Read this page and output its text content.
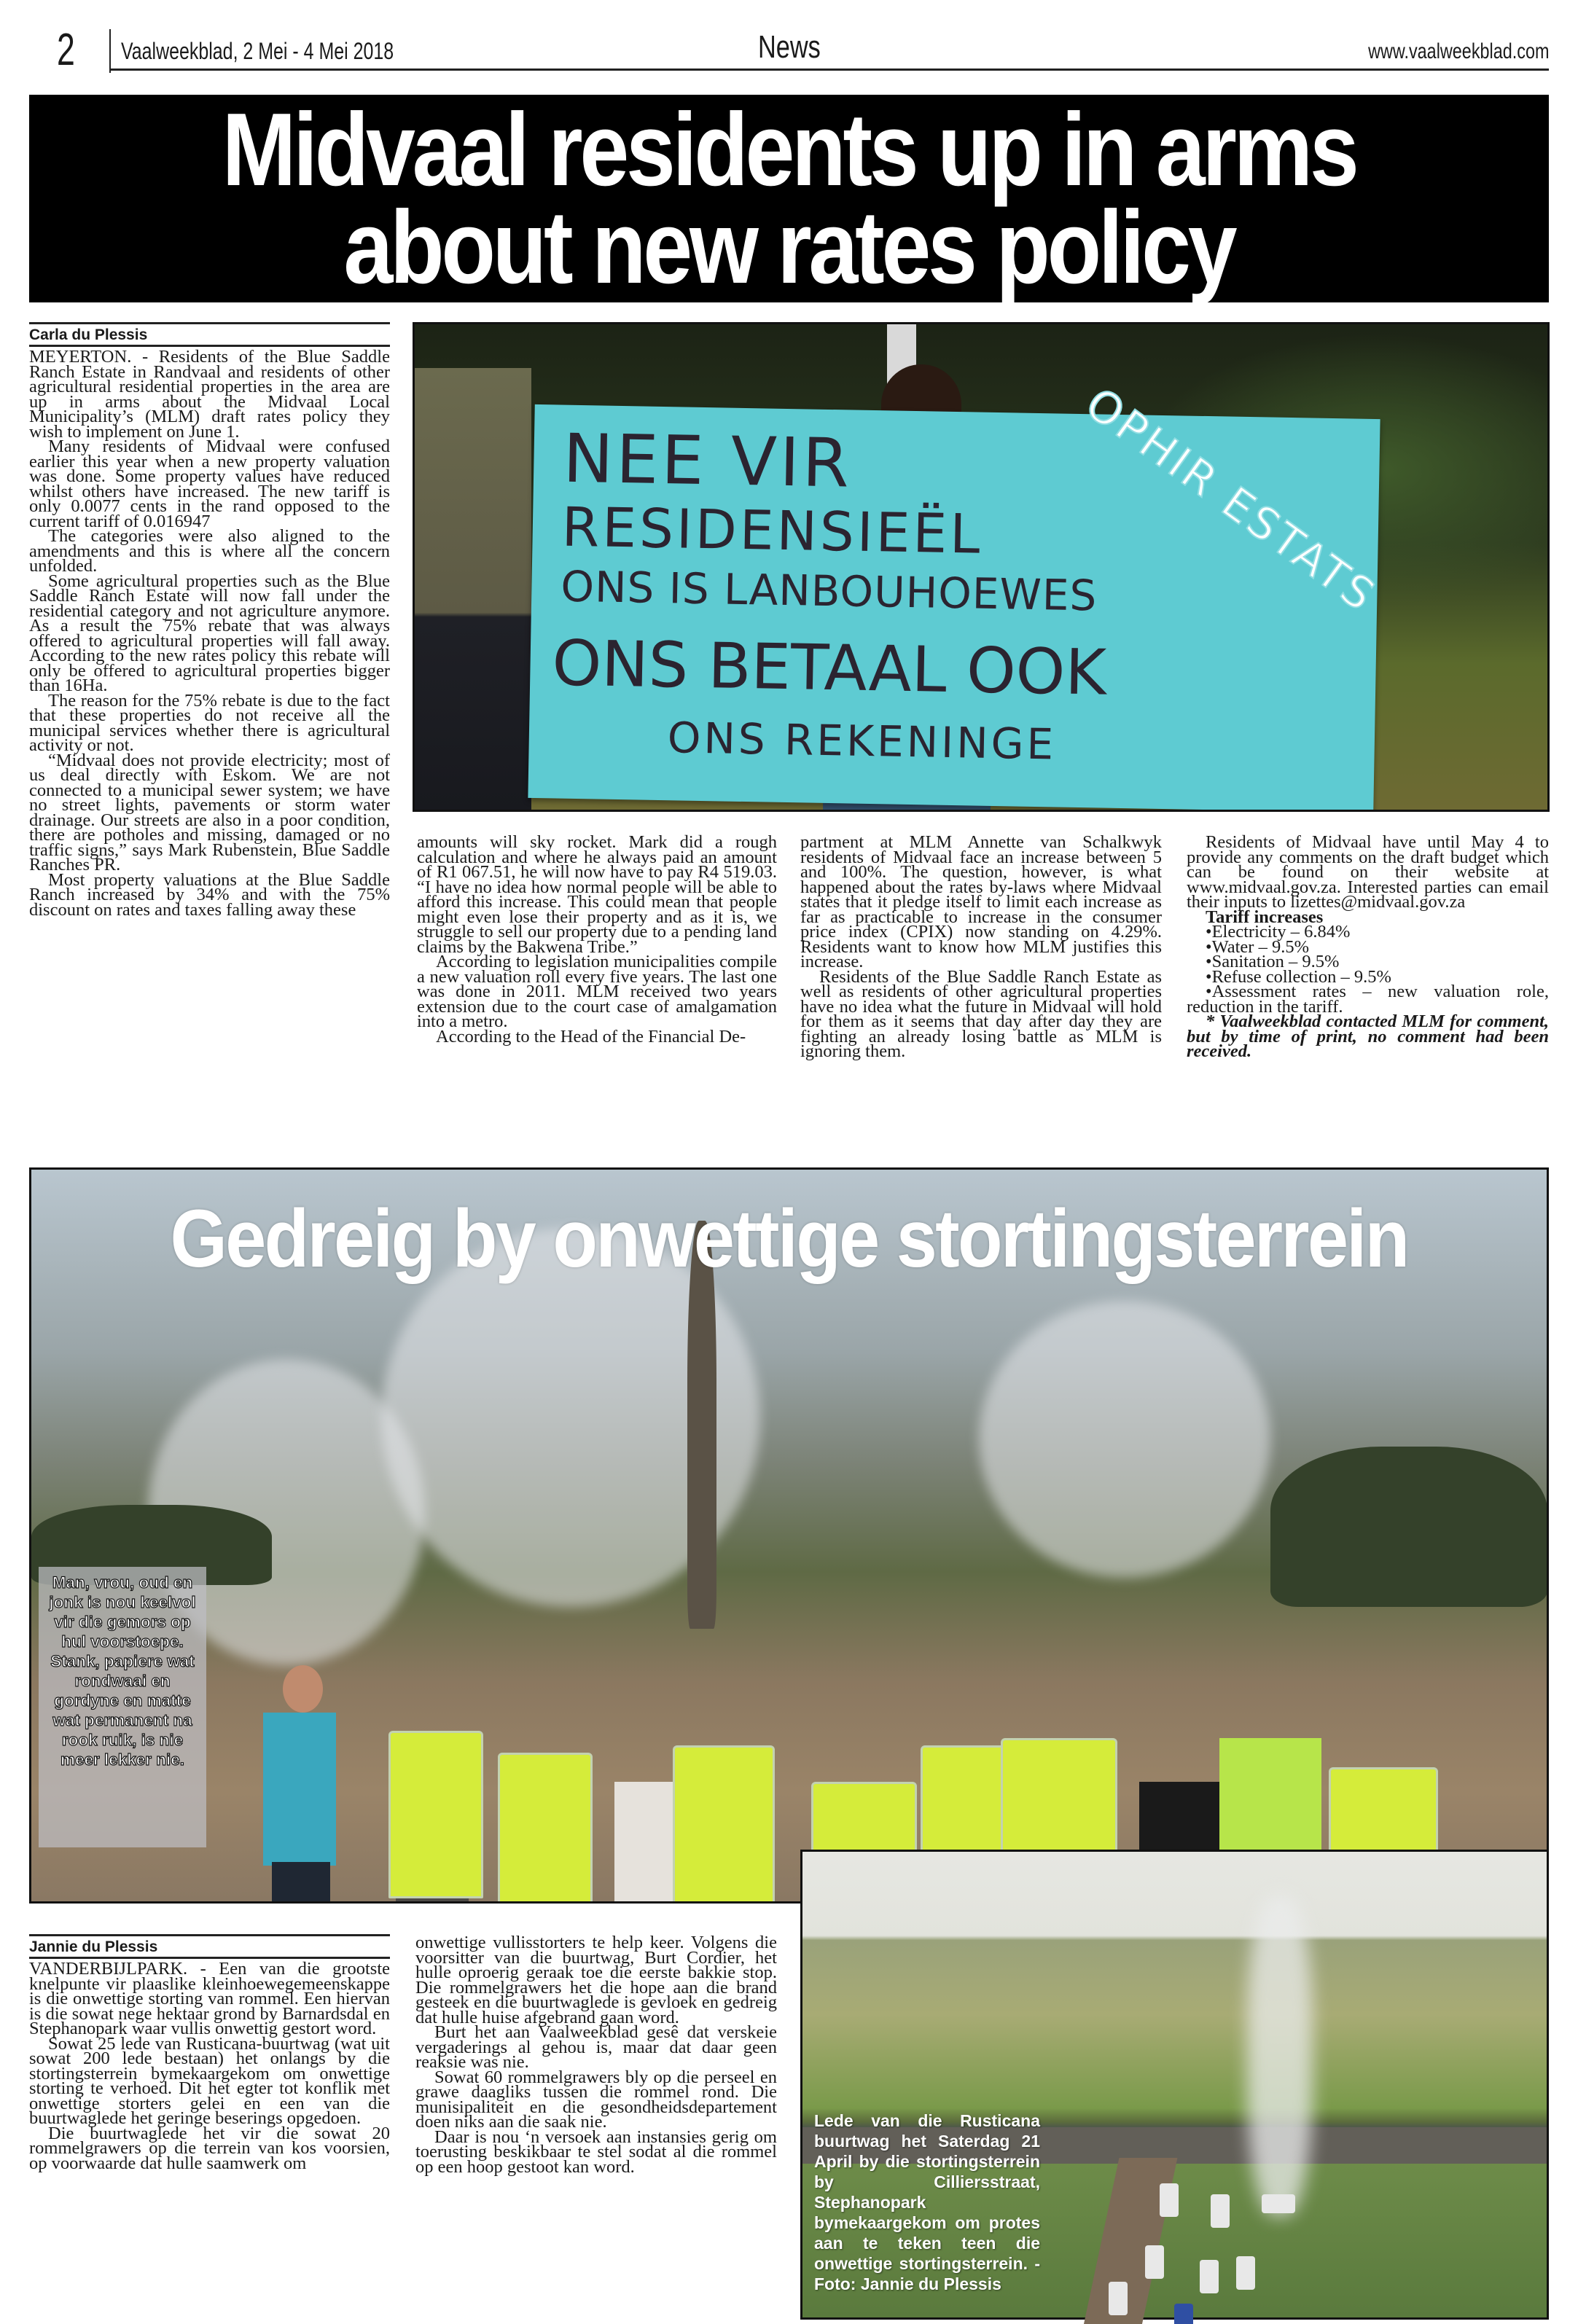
2 Vaalweekblad, 2 Mei - 4 Mei 2018	News	www.vaalweekblad.com
Midvaal residents up in arms
about new rates policy
Carla du Plessis

MEYERTON. - Residents of the Blue Saddle Ranch Estate in Randvaal and residents of other agricultural residential properties in the area are up in arms about the Midvaal Local Municipality’s (MLM) draft rates policy they wish to implement on June 1.

Many residents of Midvaal were confused earlier this year when a new property valuation was done. Some property values have reduced whilst others have increased. The new tariff is only 0.0077 cents in the rand opposed to the current tariff of 0.016947

The categories were also aligned to the amendments and this is where all the concern unfolded.

Some agricultural properties such as the Blue Saddle Ranch Estate will now fall under the residential category and not agriculture anymore. As a result the 75% rebate that was always offered to agricultural properties will fall away. According to the new rates policy this rebate will only be offered to agricultural properties bigger than 16Ha.

The reason for the 75% rebate is due to the fact that these properties do not receive all the municipal services whether there is agricultural activity or not.

“Midvaal does not provide electricity; most of us deal directly with Eskom. We are not connected to a municipal sewer system; we have no street lights, pavements or storm water drainage. Our streets are also in a poor condition, there are potholes and missing, damaged or no traffic signs,” says Mark Rubenstein, Blue Saddle Ranches PR.

Most property valuations at the Blue Saddle Ranch increased by 34% and with the 75% discount on rates and taxes falling away these

NEE VIR
RESIDENSIEËL
ONS IS LANBOUHOEWES
ONS BETAAL OOK
ONS REKENINGE
OPHIR ESTATS

amounts will sky rocket. Mark did a rough calculation and where he always paid an amount of R1 067.51, he will now have to pay R4 519.03. “I have no idea how normal people will be able to afford this increase. This could mean that people might even lose their property and as it is, we struggle to sell our property due to a pending land claims by the Bakwena Tribe.”

According to legislation municipalities compile a new valuation roll every five years. The last one was done in 2011. MLM received two years extension due to the court case of amalgamation into a metro.

According to the Head of the Financial De-

partment at MLM Annette van Schalkwyk residents of Midvaal face an increase between 5 and 100%. The question, however, is what happened about the rates by-laws where Midvaal states that it pledge itself to limit each increase as far as practicable to increase in the consumer price index (CPIX) now standing on 4.29%. Residents want to know how MLM justifies this increase.

Residents of the Blue Saddle Ranch Estate as well as residents of other agricultural properties have no idea what the future in Midvaal will hold for them as it seems that day after day they are fighting an already losing battle as MLM is ignoring them.

Residents of Midvaal have until May 4 to provide any comments on the draft budget which can be found on their website at www.midvaal.gov.za. Interested parties can email their inputs to lizettes@midvaal.gov.za

Tariff increases

•Electricity – 6.84%

•Water – 9.5%

•Sanitation – 9.5%

•Refuse collection – 9.5%

•Assessment rates – new valuation role, reduction in the tariff.

* Vaalweekblad contacted MLM for comment, but by time of print, no comment had been received.

Gedreig by onwettige stortingsterrein
Man, vrou, oud en jonk is nou keelvol vir die gemors op hul voorstoepe. Stank, papiere wat rondwaai en gordyne en matte wat permanent na rook ruik, is nie meer lekker nie.
Jannie du Plessis

VANDERBIJLPARK. - Een van die grootste knelpunte vir plaaslike kleinhoewegemeenskappe is die onwettige storting van rommel. Een hiervan is die sowat nege hektaar grond by Barnardsdal en Stephanopark waar vullis onwettig gestort word.

Sowat 25 lede van Rusticana-buurtwag (wat uit sowat 200 lede bestaan) het onlangs by die stortingsterrein bymekaargekom om onwettige storting te verhoed. Dit het egter tot konflik met onwettige storters gelei en een van die buurtwaglede het geringe beserings opgedoen.

Die buurtwaglede het vir die sowat 20 rommelgrawers op die terrein van kos voorsien, op voorwaarde dat hulle saamwerk om

onwettige vullisstorters te help keer. Volgens die voorsitter van die buurtwag, Burt Cordier, het hulle oproerig geraak toe die eerste bakkie stop. Die rommelgrawers het die hope aan die brand gesteek en die buurtwaglede is gevloek en gedreig dat hulle huise afgebrand gaan word.

Burt het aan Vaalweekblad gesê dat verskeie vergaderings al gehou is, maar dat daar geen reaksie was nie.

Sowat 60 rommelgrawers bly op die perseel en grawe daagliks tussen die rommel rond. Die munisipaliteit en die gesondheidsdepartement doen niks aan die saak nie.

Daar is nou ‘n versoek aan instansies gerig om toerusting beskikbaar te stel sodat al die rommel op een hoop gestoot kan word.

Lede van die Rusticana buurtwag het Saterdag 21 April by die stortingsterrein by Cilliersstraat, Stephanopark bymekaargekom om protes aan te teken teen die onwettige stortingsterrein. - Foto: Jannie du Plessis
